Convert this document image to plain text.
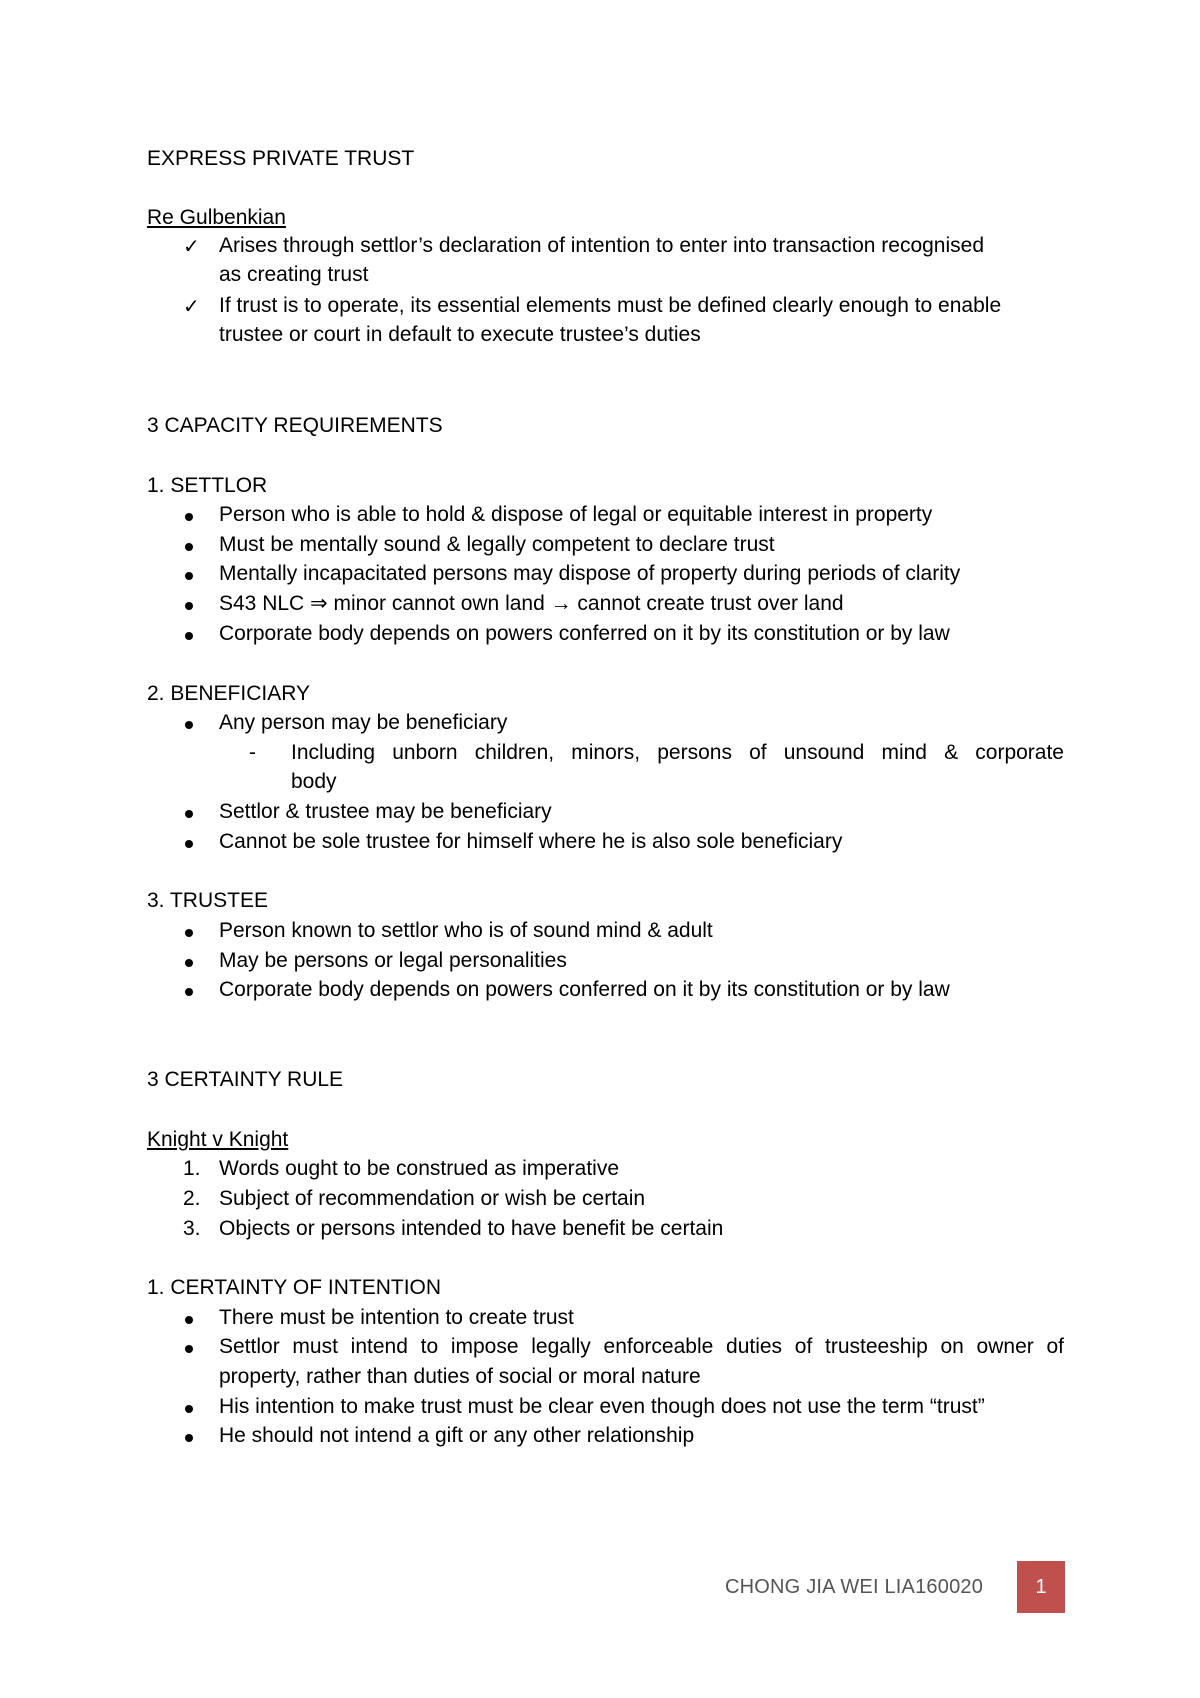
EXPRESS PRIVATE TRUST
Re Gulbenkian
✓ Arises through settlor’s declaration of intention to enter into transaction recognised
as creating trust
✓ If trust is to operate, its essential elements must be defined clearly enough to enable
trustee or court in default to execute trustee’s duties
3 CAPACITY REQUIREMENTS
1. SETTLOR
Person who is able to hold & dispose of legal or equitable interest in property
Must be mentally sound & legally competent to declare trust
Mentally incapacitated persons may dispose of property during periods of clarity
S43 NLC ⇒ minor cannot own land → cannot create trust over land
Corporate body depends on powers conferred on it by its constitution or by law
2. BENEFICIARY
Any person may be beneficiary
- Including unborn children, minors, persons of unsound mind & corporate
body
Settlor & trustee may be beneficiary
Cannot be sole trustee for himself where he is also sole beneficiary
3. TRUSTEE
Person known to settlor who is of sound mind & adult
May be persons or legal personalities
Corporate body depends on powers conferred on it by its constitution or by law
3 CERTAINTY RULE
Knight v Knight
1. Words ought to be construed as imperative
2. Subject of recommendation or wish be certain
3. Objects or persons intended to have benefit be certain
1. CERTAINTY OF INTENTION
There must be intention to create trust
Settlor must intend to impose legally enforceable duties of trusteeship on owner of
property, rather than duties of social or moral nature
His intention to make trust must be clear even though does not use the term “trust”
He should not intend a gift or any other relationship
CHONG JIA WEI LIA160020	1
